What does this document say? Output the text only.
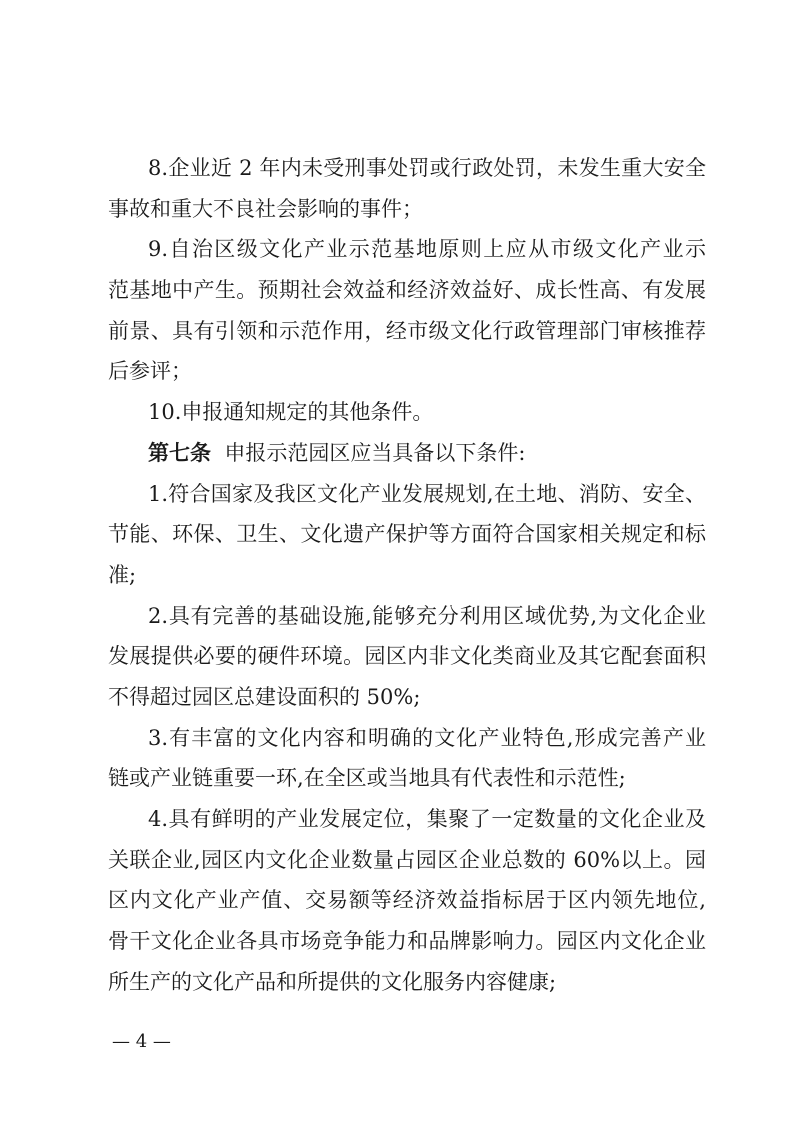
8.企业近 2 年内未受刑事处罚或行政处罚，未发生重大安全
事故和重大不良社会影响的事件；
9.自治区级文化产业示范基地原则上应从市级文化产业示
范基地中产生。预期社会效益和经济效益好、成长性高、有发展
前景、具有引领和示范作用，经市级文化行政管理部门审核推荐
后参评；
10.申报通知规定的其他条件。
第七条 申报示范园区应当具备以下条件:
1.符合国家及我区文化产业发展规划,在土地、消防、安全、
节能、环保、卫生、文化遗产保护等方面符合国家相关规定和标
准;
2.具有完善的基础设施,能够充分利用区域优势,为文化企业
发展提供必要的硬件环境。园区内非文化类商业及其它配套面积
不得超过园区总建设面积的 50%;
3.有丰富的文化内容和明确的文化产业特色,形成完善产业
链或产业链重要一环,在全区或当地具有代表性和示范性;
4.具有鲜明的产业发展定位，集聚了一定数量的文化企业及
关联企业,园区内文化企业数量占园区企业总数的 60%以上。园
区内文化产业产值、交易额等经济效益指标居于区内领先地位,
骨干文化企业各具市场竞争能力和品牌影响力。园区内文化企业
所生产的文化产品和所提供的文化服务内容健康;
— 4 —
